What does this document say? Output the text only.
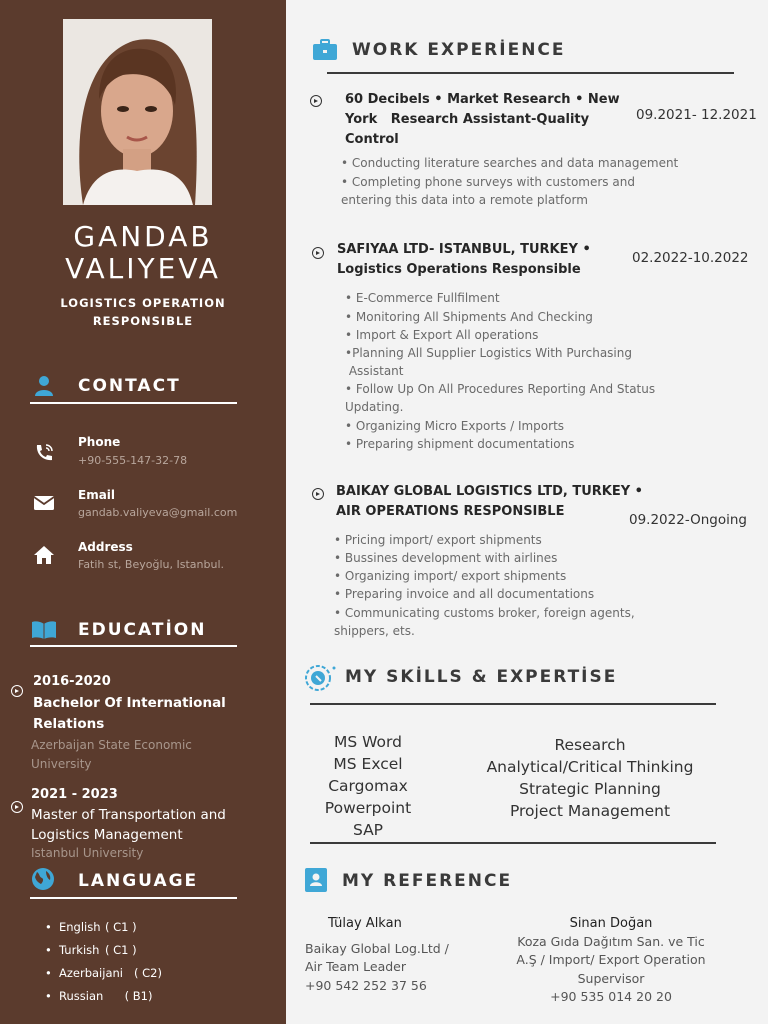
GANDAB
VALIYEVA
LOGISTICS OPERATION
RESPONSIBLE
CONTACT
Phone
+90-555-147-32-78
Email
gandab.valiyeva@gmail.com
Address
Fatih st, Beyoğlu, Istanbul.
EDUCATİON
2016-2020
Bachelor Of International
Relations
Azerbaijan State Economic
University
2021 - 2023
Master of Transportation and
Logistics Management
Istanbul University
LANGUAGE
• English ( C1 )
• Turkish ( C1 )
• Azerbaijani ( C2)
• Russian ( B1)
WORK EXPERİENCE
60 Decibels • Market Research • New
York   Research Assistant-Quality
Control
09.2021- 12.2021
• Conducting literature searches and data management
• Completing phone surveys with customers and
entering this data into a remote platform
SAFIYAA LTD- ISTANBUL, TURKEY •
Logistics Operations Responsible
02.2022-10.2022
• E-Commerce Fullfilment
• Monitoring All Shipments And Checking
• Import & Export All operations
•Planning All Supplier Logistics With Purchasing
Assistant
• Follow Up On All Procedures Reporting And Status
Updating.
• Organizing Micro Exports / Imports
• Preparing shipment documentations
BAIKAY GLOBAL LOGISTICS LTD, TURKEY •
AIR OPERATIONS RESPONSIBLE
09.2022-Ongoing
• Pricing import/ export shipments
• Bussines development with airlines
• Organizing import/ export shipments
• Preparing invoice and all documentations
• Communicating customs broker, foreign agents,
shippers, ets.
MY SKİLLS & EXPERTİSE
MS Word
MS Excel
Cargomax
Powerpoint
SAP
Research
Analytical/Critical Thinking
Strategic Planning
Project Management
MY REFERENCE
Tülay Alkan
Baikay Global Log.Ltd /
Air Team Leader
+90 542 252 37 56
Sinan Doğan
Koza Gıda Dağıtım San. ve Tic
A.Ş / Import/ Export Operation
Supervisor
+90 535 014 20 20
